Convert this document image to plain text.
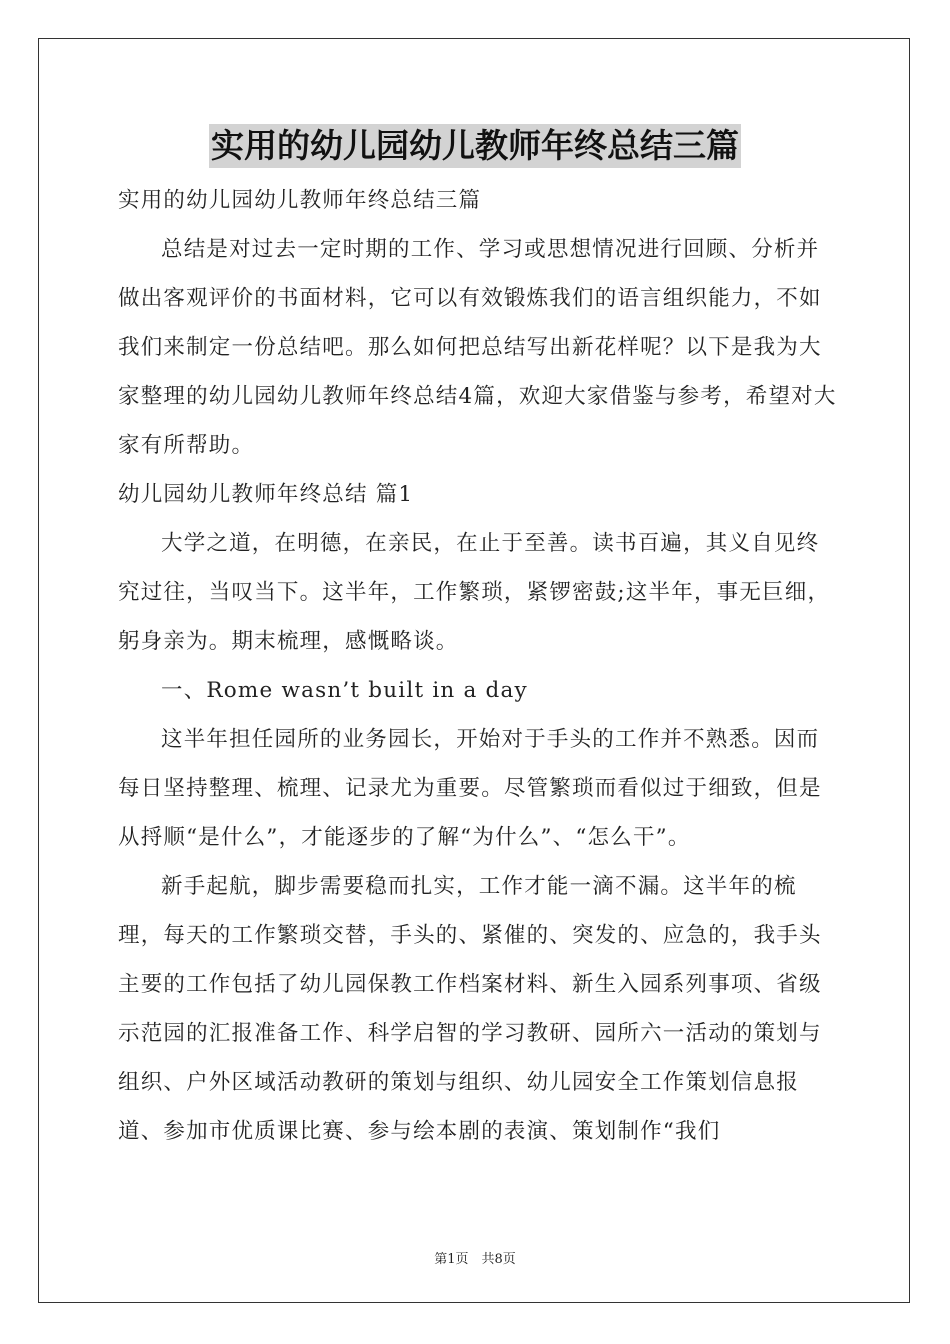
实用的幼儿园幼儿教师年终总结三篇

实用的幼儿园幼儿教师年终总结三篇

总结是对过去一定时期的工作、学习或思想情况进行回顾、分析并做出客观评价的书面材料，它可以有效锻炼我们的语言组织能力，不如我们来制定一份总结吧。那么如何把总结写出新花样呢？以下是我为大家整理的幼儿园幼儿教师年终总结4篇，欢迎大家借鉴与参考，希望对大家有所帮助。

幼儿园幼儿教师年终总结 篇1

大学之道，在明德，在亲民，在止于至善。读书百遍，其义自见终究过往，当叹当下。这半年，工作繁琐，紧锣密鼓;这半年，事无巨细，躬身亲为。期末梳理，感慨略谈。

一、Rome wasn’t built in a day

这半年担任园所的业务园长，开始对于手头的工作并不熟悉。因而每日坚持整理、梳理、记录尤为重要。尽管繁琐而看似过于细致，但是从捋顺“是什么”，才能逐步的了解“为什么”、“怎么干”。

新手起航，脚步需要稳而扎实，工作才能一滴不漏。这半年的梳理，每天的工作繁琐交替，手头的、紧催的、突发的、应急的，我手头主要的工作包括了幼儿园保教工作档案材料、新生入园系列事项、省级示范园的汇报准备工作、科学启智的学习教研、园所六一活动的策划与组织、户外区域活动教研的策划与组织、幼儿园安全工作策划信息报道、参加市优质课比赛、参与绘本剧的表演、策划制作“我们

第1页　共8页
